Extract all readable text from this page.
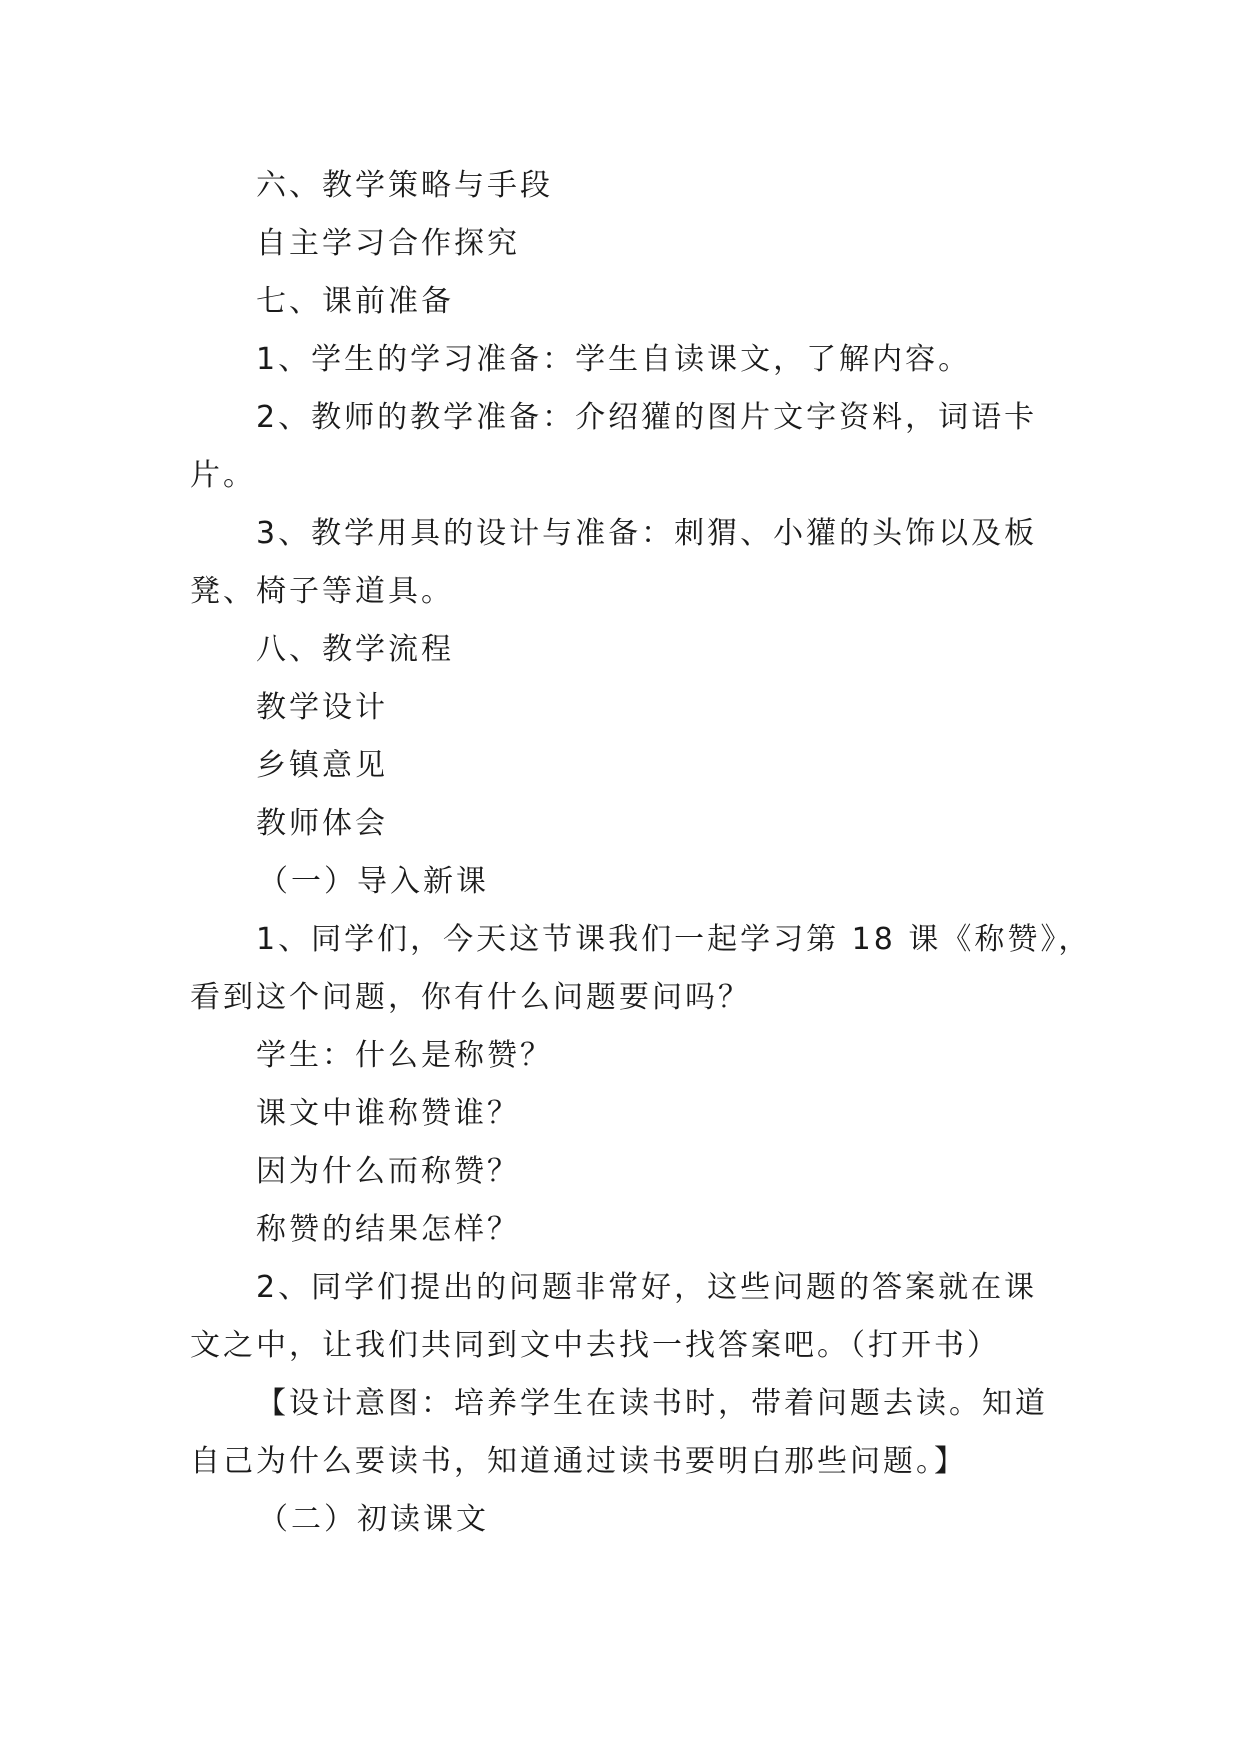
六、教学策略与手段
自主学习合作探究
七、课前准备
1、学生的学习准备：学生自读课文，了解内容。
2、教师的教学准备：介绍獾的图片文字资料，词语卡
片。
3、教学用具的设计与准备：刺猬、小獾的头饰以及板
凳、椅子等道具。
八、教学流程
教学设计
乡镇意见
教师体会
（一）导入新课
1、同学们，今天这节课我们一起学习第 18 课《称赞》，
看到这个问题，你有什么问题要问吗？
学生：什么是称赞？
课文中谁称赞谁？
因为什么而称赞？
称赞的结果怎样？
2、同学们提出的问题非常好，这些问题的答案就在课
文之中，让我们共同到文中去找一找答案吧。（打开书）
【设计意图：培养学生在读书时，带着问题去读。知道
自己为什么要读书，知道通过读书要明白那些问题。】
（二）初读课文
